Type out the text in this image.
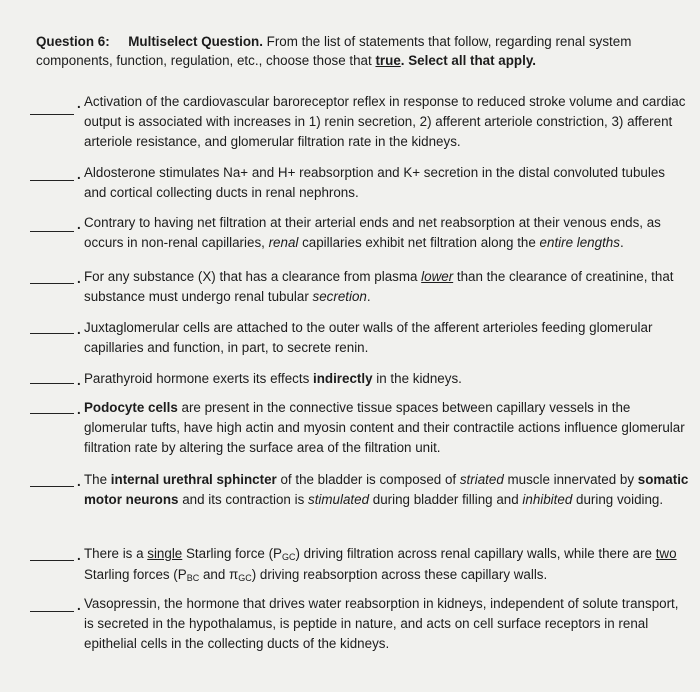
Question 6: Multiselect Question. From the list of statements that follow, regarding renal system components, function, regulation, etc., choose those that true. Select all that apply.
. Activation of the cardiovascular baroreceptor reflex in response to reduced stroke volume and cardiac output is associated with increases in 1) renin secretion, 2) afferent arteriole constriction, 3) afferent arteriole resistance, and glomerular filtration rate in the kidneys.
. Aldosterone stimulates Na+ and H+ reabsorption and K+ secretion in the distal convoluted tubules and cortical collecting ducts in renal nephrons.
. Contrary to having net filtration at their arterial ends and net reabsorption at their venous ends, as occurs in non-renal capillaries, renal capillaries exhibit net filtration along the entire lengths.
. For any substance (X) that has a clearance from plasma lower than the clearance of creatinine, that substance must undergo renal tubular secretion.
. Juxtaglomerular cells are attached to the outer walls of the afferent arterioles feeding glomerular capillaries and function, in part, to secrete renin.
. Parathyroid hormone exerts its effects indirectly in the kidneys.
. Podocyte cells are present in the connective tissue spaces between capillary vessels in the glomerular tufts, have high actin and myosin content and their contractile actions influence glomerular filtration rate by altering the surface area of the filtration unit.
. The internal urethral sphincter of the bladder is composed of striated muscle innervated by somatic motor neurons and its contraction is stimulated during bladder filling and inhibited during voiding.
. There is a single Starling force $(P_{GC})$ driving filtration across renal capillary walls, while there are two Starling forces ($P_{BC}$ and $\pi_{GC}$) driving reabsorption across these capillary walls.
. Vasopressin, the hormone that drives water reabsorption in kidneys, independent of solute transport, is secreted in the hypothalamus, is peptide in nature, and acts on cell surface receptors in renal epithelial cells in the collecting ducts of the kidneys.
